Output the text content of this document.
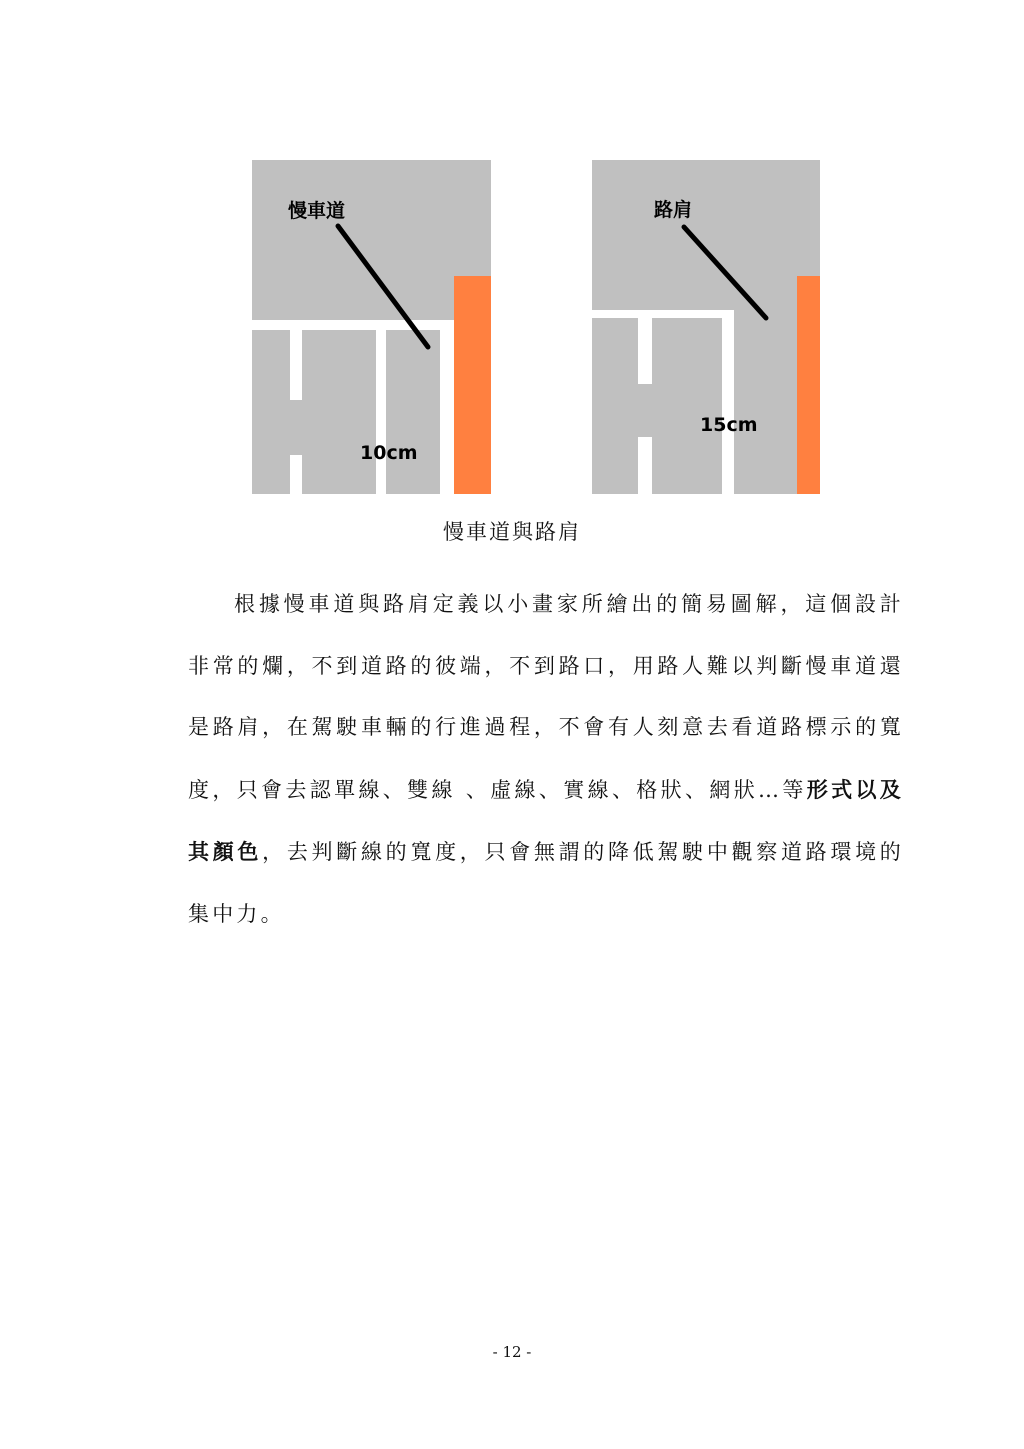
慢車道
10cm
路肩
15cm
慢車道與路肩

根據慢車道與路肩定義以小畫家所繪出的簡易圖解，這個設計非常的爛，不到道路的彼端，不到路口，用路人難以判斷慢車道還是路肩，在駕駛車輛的行進過程，不會有人刻意去看道路標示的寬度，只會去認單線、雙線 、虛線、實線、格狀、網狀…等形式以及其顏色，去判斷線的寬度，只會無謂的降低駕駛中觀察道路環境的集中力。

- 12 -
